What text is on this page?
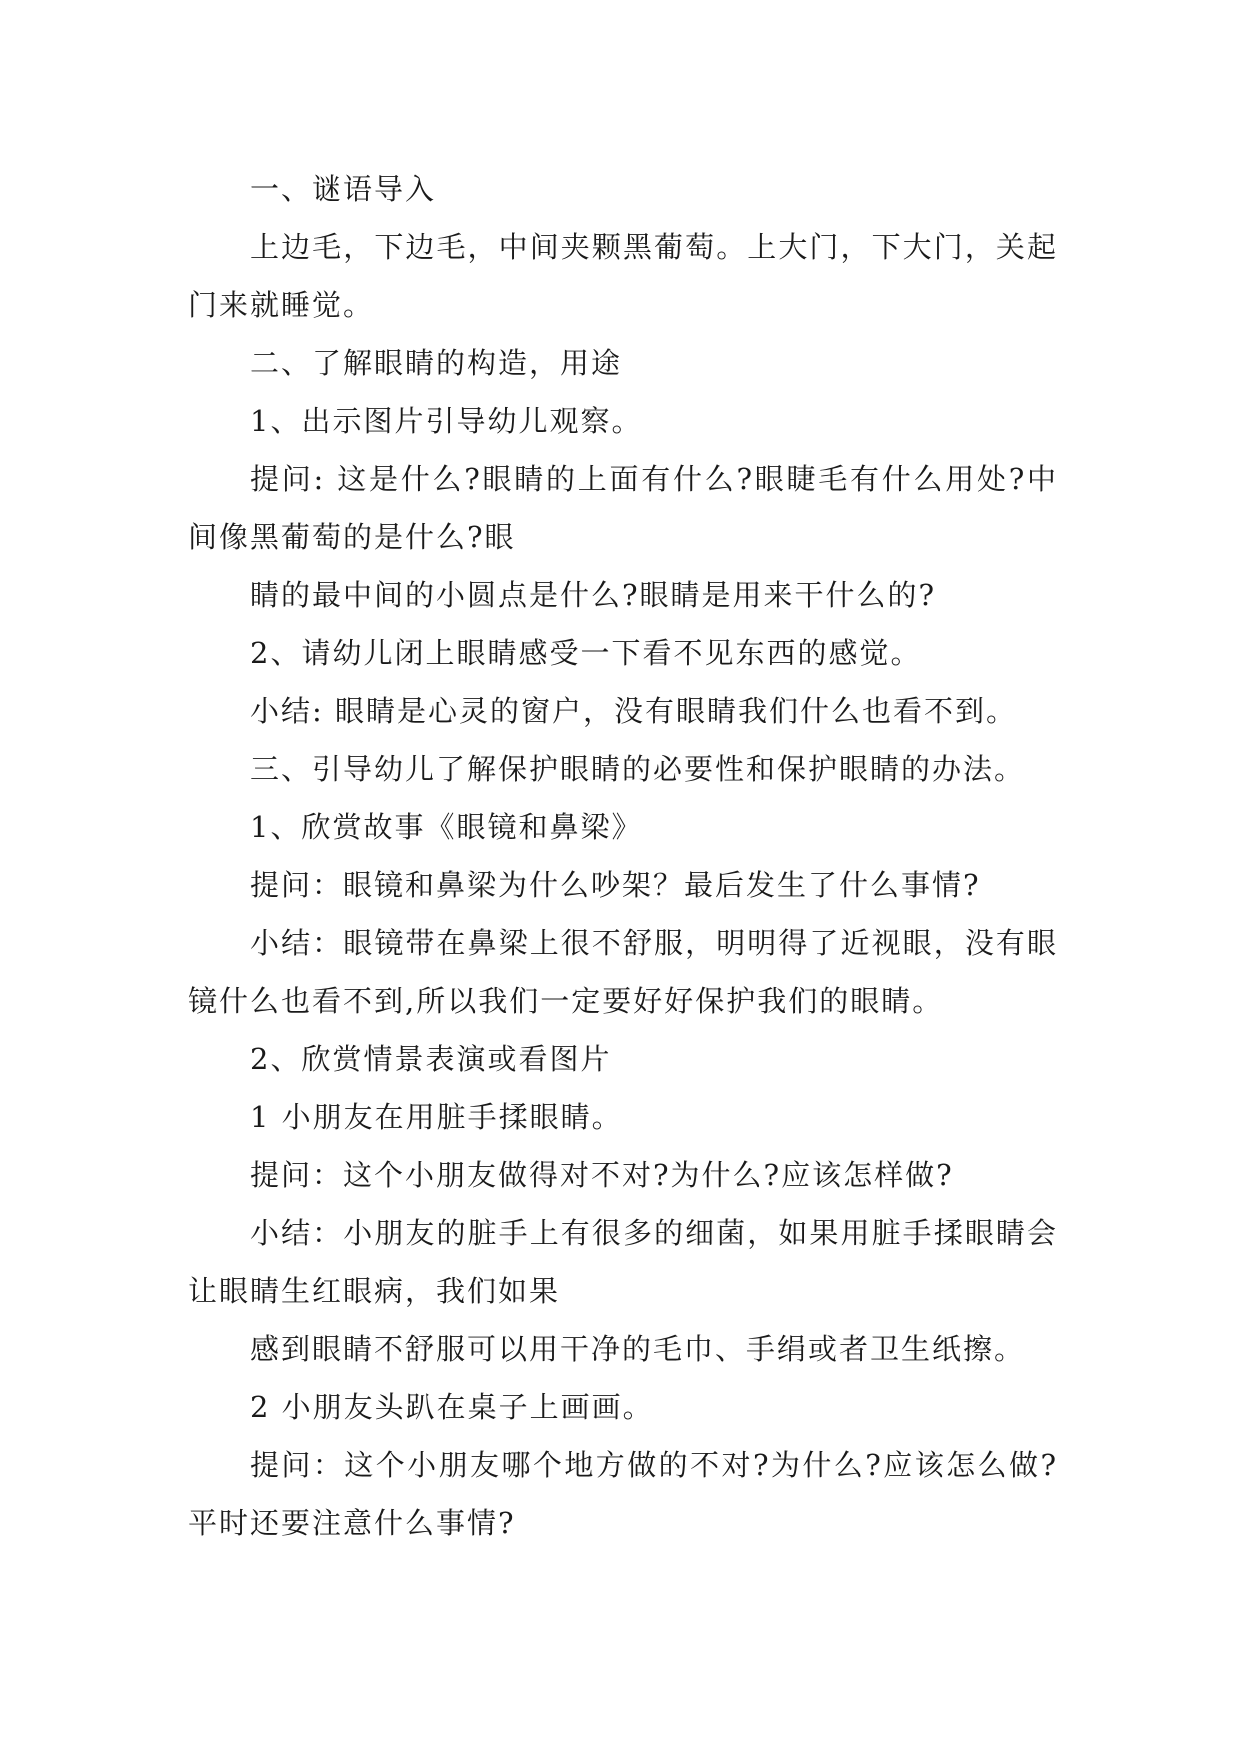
一、谜语导入

上边毛，下边毛，中间夹颗黑葡萄。上大门，下大门，关起门来就睡觉。

二、了解眼睛的构造，用途

1、出示图片引导幼儿观察。

提问: 这是什么?眼睛的上面有什么?眼睫毛有什么用处?中间像黑葡萄的是什么?眼

睛的最中间的小圆点是什么?眼睛是用来干什么的?

2、请幼儿闭上眼睛感受一下看不见东西的感觉。

小结: 眼睛是心灵的窗户，没有眼睛我们什么也看不到。

三、引导幼儿了解保护眼睛的必要性和保护眼睛的办法。

1、欣赏故事《眼镜和鼻梁》

提问：眼镜和鼻梁为什么吵架？最后发生了什么事情?

小结：眼镜带在鼻梁上很不舒服，明明得了近视眼，没有眼镜什么也看不到,所以我们一定要好好保护我们的眼睛。

2、欣赏情景表演或看图片

1 小朋友在用脏手揉眼睛。

提问：这个小朋友做得对不对?为什么?应该怎样做?

小结：小朋友的脏手上有很多的细菌，如果用脏手揉眼睛会让眼睛生红眼病，我们如果

感到眼睛不舒服可以用干净的毛巾、手绢或者卫生纸擦。

2 小朋友头趴在桌子上画画。

提问：这个小朋友哪个地方做的不对?为什么?应该怎么做?平时还要注意什么事情?
